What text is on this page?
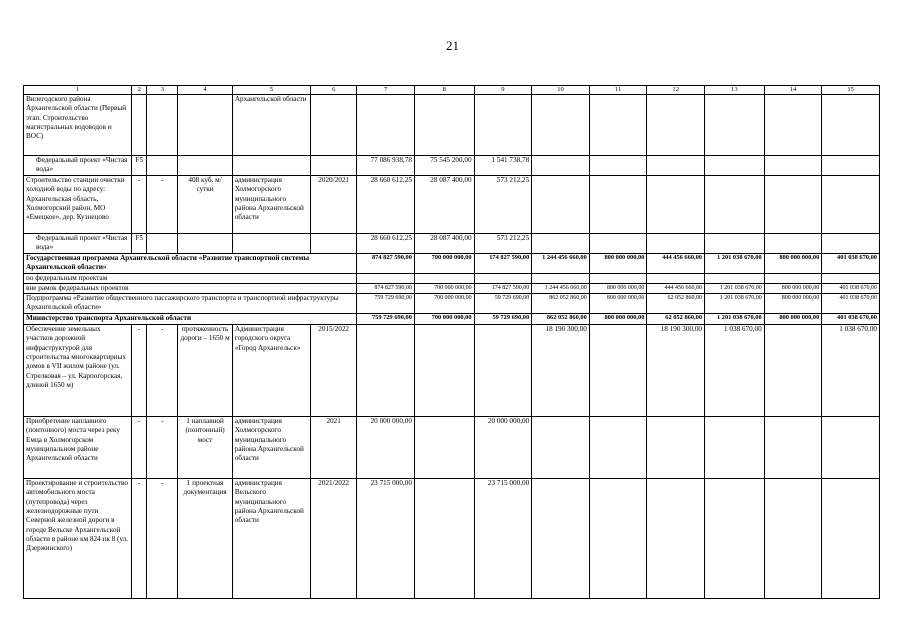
21
1	2	3	4	5	6	7	8	9	10	11	12	13	14	15
Вилегодского района Архангельской области (Первый этап. Строительство магистральных водоводов и ВОС)				Архангельской области										
Федеральный проект «Чистая вода»	F5					77 086 938,78	75 545 200,00	1 541 738,78						
Строительство станции очистки холодной воды по адресу: Архангельская область, Холмогорский район, МО «Емецкое», дер. Кузнецово	-	-	408 куб. м/сутки	администрация Холмогорского муниципального района Архангельской области	2020/2021	28 660 612,25	28 087 400,00	573 212,25						
Федеральный проект «Чистая вода»	F5					28 660 612,25	28 087 400,00	573 212,25						
Государственная программа Архангельской области «Развитие транспортной системы Архангельской области»						874 827 590,00	700 000 000,00	174 827 590,00	1 244 456 660,00	800 000 000,00	444 456 660,00	1 201 038 670,00	800 000 000,00	401 038 670,00
по федеральным проектам														
вне рамок федеральных проектов						874 827 590,00	700 000 000,00	174 827 590,00	1 244 456 660,00	800 000 000,00	444 456 660,00	1 201 038 670,00	800 000 000,00	401 038 670,00
Подпрограмма «Развитие общественного пассажирского транспорта и транспортной инфраструктуры Архангельской области»						759 729 690,00	700 000 000,00	59 729 690,00	862 052 860,00	800 000 000,00	62 052 860,00	1 201 038 670,00	800 000 000,00	401 038 670,00
Министерство транспорта Архангельской области						759 729 690,00	700 000 000,00	59 729 690,00	862 052 860,00	800 000 000,00	62 052 860,00	1 201 038 670,00	800 000 000,00	401 038 670,00
Обеспечение земельных участков дорожной инфраструктурой для строительства многоквартирных домов в VII жилом районе (ул. Стрелковая – ул. Карпогорская, длиной 1650 м)	-	-	протяженность дороги – 1650 м	Администрация городского округа «Город Архангельск»	2015/2022				18 190 300,00		18 190 300,00	1 038 670,00		1 038 670,00
Приобретение наплавного (понтонного) моста через реку Емца в Холмогорском муниципальном районе Архангельской области	-	-	1 наплавной (понтонный) мост	администрация Холмогорского муниципального района Архангельской области	2021	20 000 000,00		20 000 000,00						
Проектирование и строительство автомобильного моста (путепровода) через железнодорожные пути Северной железной дороги в городе Вельске Архангельской области в районе км 824 пк 8 (ул. Дзержинского)	-	-	1 проектная документация	администрация Вельского муниципального района Архангельской области	2021/2022	23 715 000,00		23 715 000,00						
